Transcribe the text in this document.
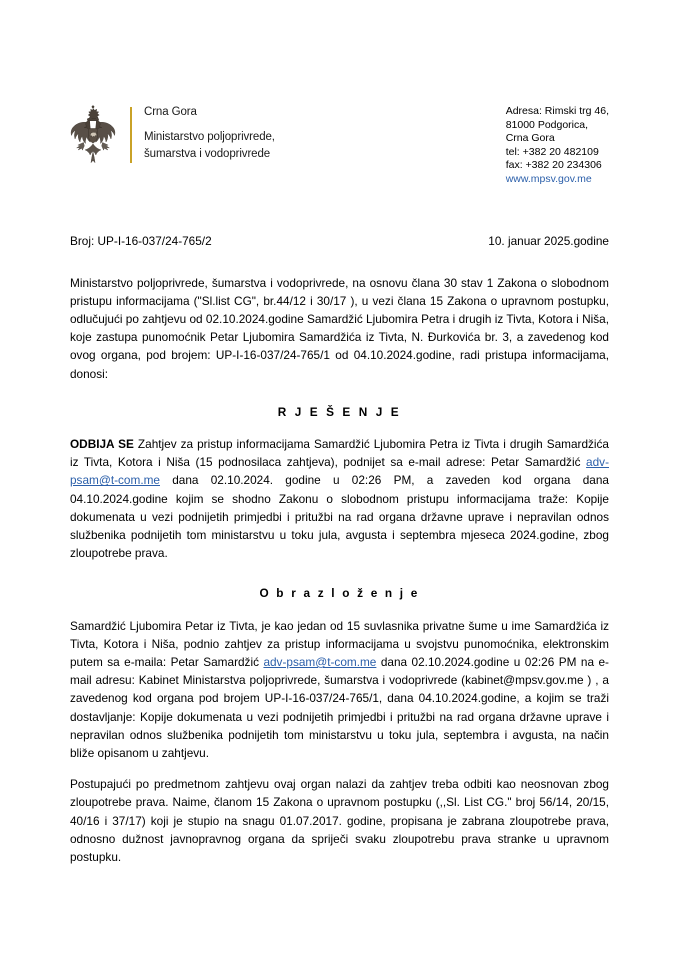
Crna Gora
Ministarstvo poljoprivrede,
šumarstva i vodoprivrede
Adresa: Rimski trg 46,
81000 Podgorica,
Crna Gora
tel: +382 20 482109
fax: +382 20 234306
www.mpsv.gov.me
Broj: UP-I-16-037/24-765/2	10. januar 2025.godine

Ministarstvo poljoprivrede, šumarstva i vodoprivrede, na osnovu člana 30 stav 1 Zakona o slobodnom pristupu informacijama ("Sl.list CG", br.44/12 i 30/17 ), u vezi člana 15 Zakona o upravnom postupku, odlučujući po zahtjevu od 02.10.2024.godine Samardžić Ljubomira Petra i drugih iz Tivta, Kotora i Niša, koje zastupa punomoćnik Petar Ljubomira Samardžića iz Tivta, N. Đurkovića br. 3, a zavedenog kod ovog organa, pod brojem: UP-I-16-037/24-765/1 od 04.10.2024.godine, radi pristupa informacijama, donosi:

R J E Š E N J E

ODBIJA SE Zahtjev za pristup informacijama Samardžić Ljubomira Petra iz Tivta i drugih Samardžića iz Tivta, Kotora i Niša (15 podnosilaca zahtjeva), podnijet sa e-mail adrese: Petar Samardžić adv-psam@t-com.me dana 02.10.2024. godine u 02:26 PM, a zaveden kod organa dana 04.10.2024.godine kojim se shodno Zakonu o slobodnom pristupu informacijama traže: Kopije dokumenata u vezi podnijetih primjedbi i pritužbi na rad organa državne uprave i nepravilan odnos službenika podnijetih tom ministarstvu u toku jula, avgusta i septembra mjeseca 2024.godine, zbog zloupotrebe prava.

O b r a z l o ž e n j e

Samardžić Ljubomira Petar iz Tivta, je kao jedan od 15 suvlasnika privatne šume u ime Samardžića iz Tivta, Kotora i Niša, podnio zahtjev za pristup informacijama u svojstvu punomoćnika, elektronskim putem sa e-maila: Petar Samardžić adv-psam@t-com.me dana 02.10.2024.godine u 02:26 PM na e-mail adresu: Kabinet Ministarstva poljoprivrede, šumarstva i vodoprivrede (kabinet@mpsv.gov.me ) , a zavedenog kod organa pod brojem UP-I-16-037/24-765/1, dana 04.10.2024.godine, a kojim se traži dostavljanje: Kopije dokumenata u vezi podnijetih primjedbi i pritužbi na rad organa državne uprave i nepravilan odnos službenika podnijetih tom ministarstvu u toku jula, septembra i avgusta, na način bliže opisanom u zahtjevu.

Postupajući po predmetnom zahtjevu ovaj organ nalazi da zahtjev treba odbiti kao neosnovan zbog zloupotrebe prava. Naime, članom 15 Zakona o upravnom postupku (,,Sl. List CG." broj 56/14, 20/15, 40/16 i 37/17) koji je stupio na snagu 01.07.2017. godine, propisana je zabrana zloupotrebe prava, odnosno dužnost javnopravnog organa da spriječi svaku zloupotrebu prava stranke u upravnom postupku.
